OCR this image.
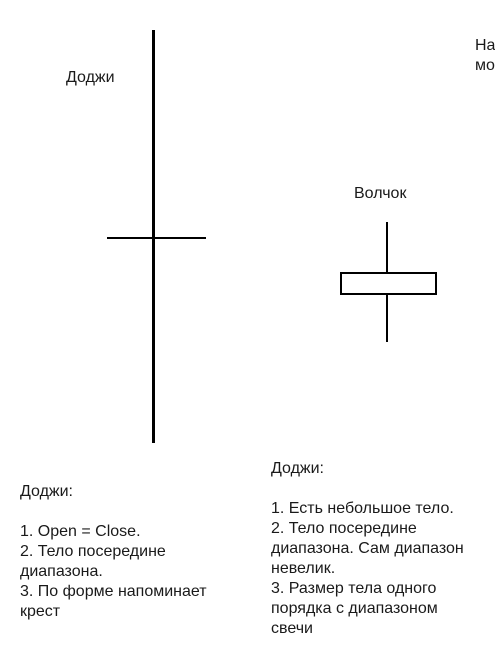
На
мо
Доджи
Волчок
Доджи:
1. Open = Close.
2. Тело посередине
диапазона.
3. По форме напоминает
крест
Доджи:
1. Есть небольшое тело.
2. Тело посередине
диапазона. Сам диапазон
невелик.
3. Размер тела одного
порядка с диапазоном
свечи
